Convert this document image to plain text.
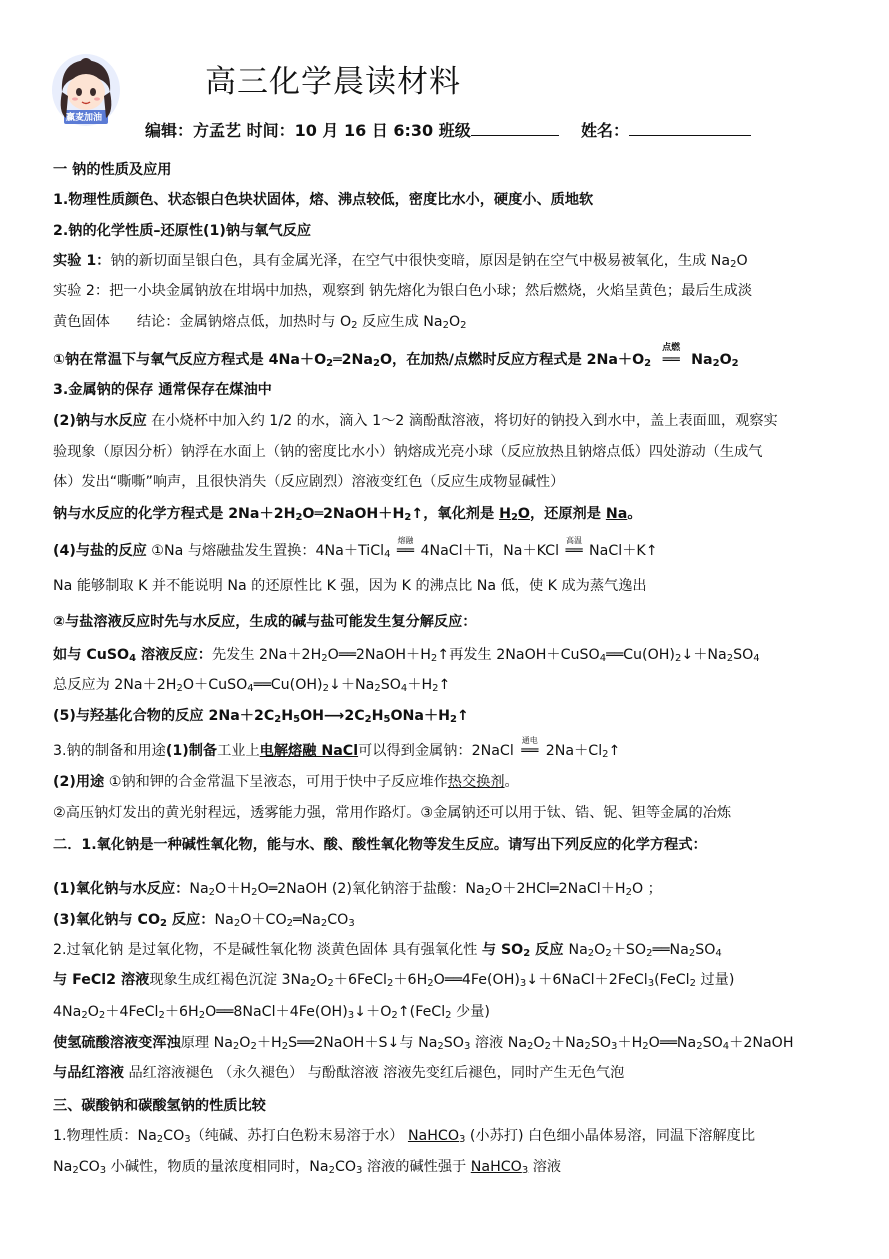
赢麦加油
高三化学晨读材料
编辑：方孟艺 时间：10 月 16 日 6:30 班级	姓名：
一 钠的性质及应用
1.物理性质颜色、状态银白色块状固体，熔、沸点较低，密度比水小，硬度小、质地软
2.钠的化学性质–还原性(1)钠与氧气反应
实验 1：钠的新切面呈银白色，具有金属光泽，在空气中很快变暗，原因是钠在空气中极易被氧化，生成 $Na_2O$
实验 2：把一小块金属钠放在坩埚中加热，观察到 钠先熔化为银白色小球；然后燃烧，火焰呈黄色；最后生成淡
黄色固体 结论：金属钠熔点低，加热时与 $O_2$ 反应生成 $Na_2O_2$
①钠在常温下与氧气反应方程式是 $4Na+O_2═2Na_2O$，在加热/点燃时反应方程式是 $2Na+O_2$
点燃
══ $Na_2O_2$
3.金属钠的保存 通常保存在煤油中
(2)钠与水反应 在小烧杯中加入约 1/2 的水，滴入 1～2 滴酚酞溶液，将切好的钠投入到水中，盖上表面皿，观察实
验现象（原因分析）钠浮在水面上（钠的密度比水小）钠熔成光亮小球（反应放热且钠熔点低）四处游动（生成气
体）发出“嘶嘶”响声，且很快消失（反应剧烈）溶液变红色（反应生成物显碱性）
钠与水反应的化学方程式是 $2Na+2H_2O═2NaOH+H_2↑$，氧化剂是 $H_2O$，还原剂是 Na。
(4)与盐的反应 ①Na 与熔融盐发生置换：4Na＋TiCl$_4$
熔融
══ 4NaCl＋Ti，Na＋KCl
高温
══ NaCl＋K↑
Na 能够制取 K 并不能说明 Na 的还原性比 K 强，因为 K 的沸点比 Na 低，使 K 成为蒸气逸出
②与盐溶液反应时先与水反应，生成的碱与盐可能发生复分解反应：
如与 CuSO$_4$ 溶液反应：先发生 $2Na+2H_2O══2NaOH+H_2↑$再发生 $2NaOH+CuSO_4══Cu(OH)_2↓+Na_2SO_4$
总反应为 $2Na+2H_2O+CuSO_4══Cu(OH)_2↓+Na_2SO_4+H_2↑$
(5)与羟基化合物的反应 $2Na+2C_2H_5OH⟶2C_2H_5ONa+H_2↑$
3.钠的制备和用途(1)制备工业上电解熔融 NaCl可以得到金属钠：2NaCl
通电
══ $2Na+Cl_2↑$
(2)用途 ①钠和钾的合金常温下呈液态，可用于快中子反应堆作热交换剂。
②高压钠灯发出的黄光射程远，透雾能力强，常用作路灯。③金属钠还可以用于钛、锆、铌、钽等金属的冶炼
二．1.氧化钠是一种碱性氧化物，能与水、酸、酸性氧化物等发生反应。请写出下列反应的化学方程式：
(1)氧化钠与水反应：$Na_2O+H_2O═2NaOH$ (2)氧化钠溶于盐酸：$Na_2O+2HCl═2NaCl+H_2O$ ；
(3)氧化钠与 $CO_2$ 反应：$Na_2O+CO_2═Na_2CO_3$
2.过氧化钠 是过氧化物，不是碱性氧化物 淡黄色固体 具有强氧化性 与 $SO_2$ 反应 $Na_2O_2+SO_2══Na_2SO_4$
与 FeCl2 溶液现象生成红褐色沉淀 $3Na_2O_2+6FeCl_2+6H_2O══4Fe(OH)_3↓+6NaCl+2FeCl_3(FeCl_2$ 过量)
$4Na_2O_2+4FeCl_2+6H_2O══8NaCl+4Fe(OH)_3↓+O_2↑(FeCl_2$ 少量)
使氢硫酸溶液变浑浊原理 $Na_2O_2+H_2S══2NaOH+S↓$与 $Na_2SO_3$ 溶液 $Na_2O_2+Na_2SO_3+H_2O══Na_2SO_4+2NaOH$
与品红溶液 品红溶液褪色 （永久褪色） 与酚酞溶液 溶液先变红后褪色，同时产生无色气泡
三、碳酸钠和碳酸氢钠的性质比较
1.物理性质：$Na_2CO_3$（纯碱、苏打白色粉末易溶于水） NaHCO$_3$ (小苏打) 白色细小晶体易溶，同温下溶解度比
$Na_2CO_3$ 小碱性，物质的量浓度相同时，$Na_2CO_3$ 溶液的碱性强于 NaHCO$_3$ 溶液
